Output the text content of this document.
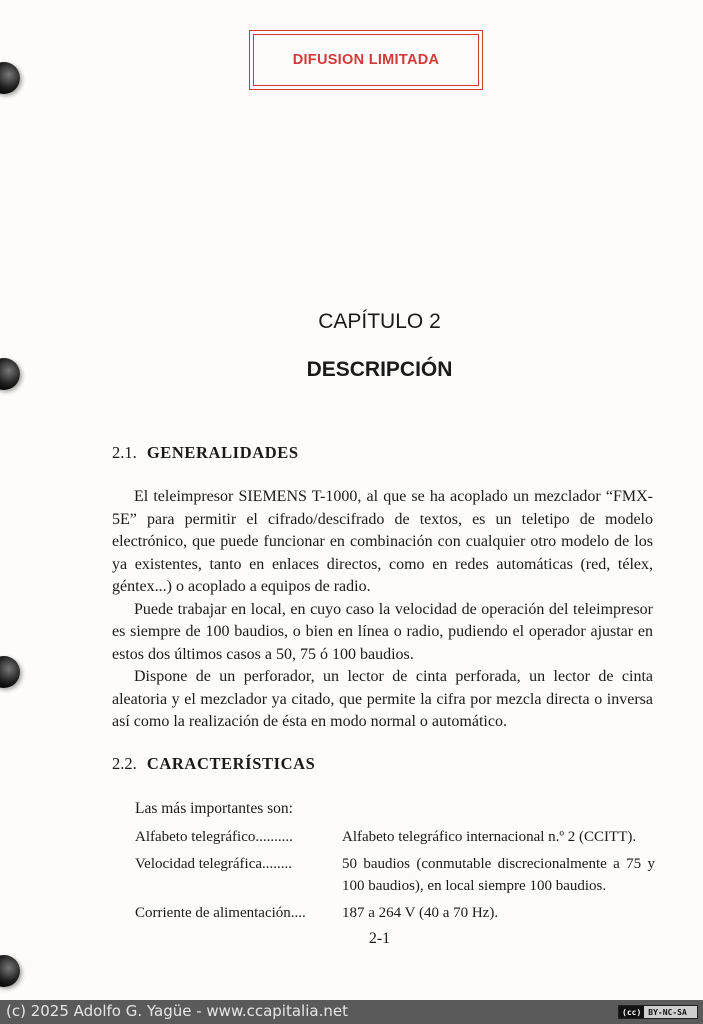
DIFUSION LIMITADA
CAPÍTULO 2
DESCRIPCIÓN
2.1. GENERALIDADES

El teleimpresor SIEMENS T-1000, al que se ha acoplado un mezclador “FMX-5E” para permitir el cifrado/descifrado de textos, es un teletipo de modelo electrónico, que puede funcionar en combinación con cualquier otro modelo de los ya existentes, tanto en enlaces directos, como en redes automáticas (red, télex, géntex...) o acoplado a equipos de radio.

Puede trabajar en local, en cuyo caso la velocidad de operación del teleimpresor es siempre de 100 baudios, o bien en línea o radio, pudiendo el operador ajustar en estos dos últimos casos a 50, 75 ó 100 baudios.

Dispone de un perforador, un lector de cinta perforada, un lector de cinta aleatoria y el mezclador ya citado, que permite la cifra por mezcla directa o inversa así como la realización de ésta en modo normal o automático.

2.2. CARACTERÍSTICAS
Las más importantes son:
Alfabeto telegráfico..........	Alfabeto telegráfico internacional n.º 2 (CCITT).
Velocidad telegráfica........	50 baudios (conmutable discrecionalmente a 75 y 100 baudios), en local siempre 100 baudios.
Corriente de alimentación....	187 a 264 V (40 a 70 Hz).
2-1
(c) 2025 Adolfo G. Yagüe - www.ccapitalia.net	(cc) BY-NC-SA
